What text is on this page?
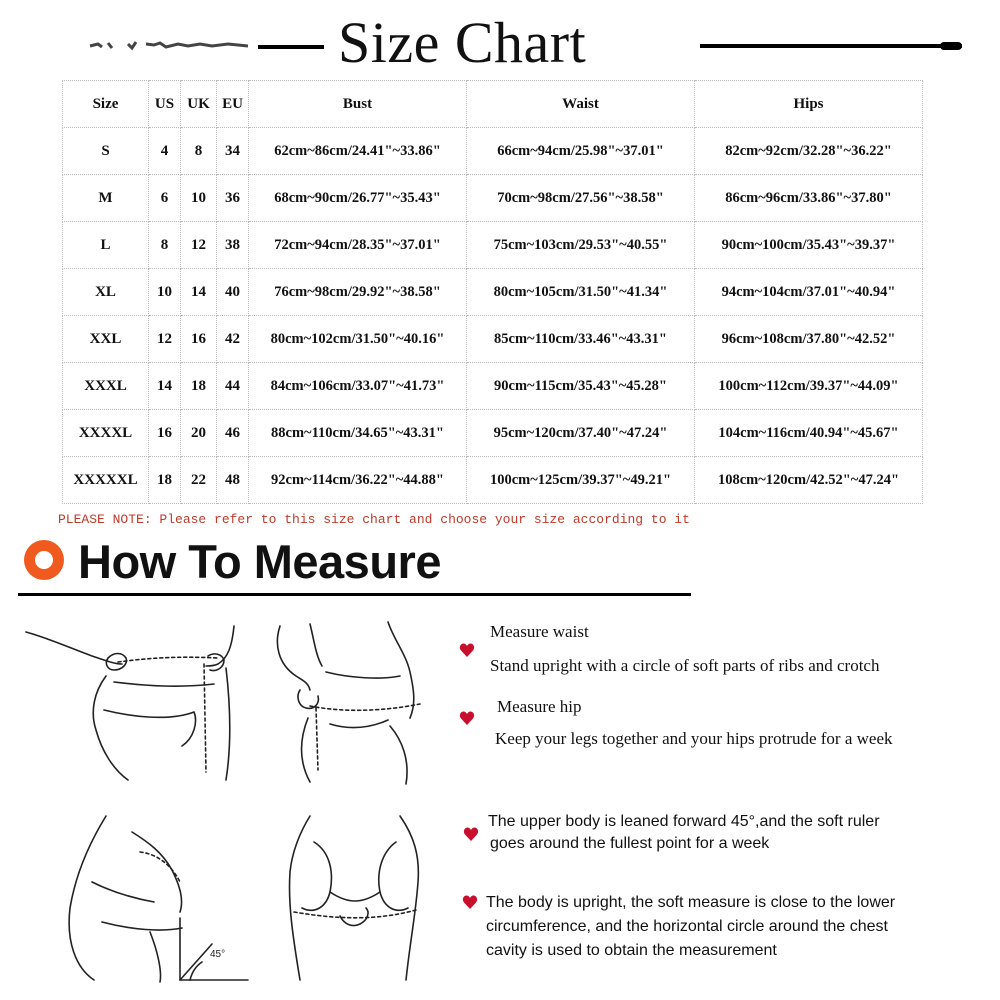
Size Chart
Size	US	UK	EU	Bust	Waist	Hips
S	4	8	34	62cm~86cm/24.41"~33.86"	66cm~94cm/25.98"~37.01"	82cm~92cm/32.28"~36.22"
M	6	10	36	68cm~90cm/26.77"~35.43"	70cm~98cm/27.56"~38.58"	86cm~96cm/33.86"~37.80"
L	8	12	38	72cm~94cm/28.35"~37.01"	75cm~103cm/29.53"~40.55"	90cm~100cm/35.43"~39.37"
XL	10	14	40	76cm~98cm/29.92"~38.58"	80cm~105cm/31.50"~41.34"	94cm~104cm/37.01"~40.94"
XXL	12	16	42	80cm~102cm/31.50"~40.16"	85cm~110cm/33.46"~43.31"	96cm~108cm/37.80"~42.52"
XXXL	14	18	44	84cm~106cm/33.07"~41.73"	90cm~115cm/35.43"~45.28"	100cm~112cm/39.37"~44.09"
XXXXL	16	20	46	88cm~110cm/34.65"~43.31"	95cm~120cm/37.40"~47.24"	104cm~116cm/40.94"~45.67"
XXXXXL	18	22	48	92cm~114cm/36.22"~44.88"	100cm~125cm/39.37"~49.21"	108cm~120cm/42.52"~47.24"
PLEASE NOTE: Please refer to this size chart and choose your size according to it
How To Measure
45°
Measure waist
Stand upright with a circle of soft parts of ribs and crotch
Measure hip
Keep your legs together and your hips protrude for a week
The upper body is leaned forward 45°,and the soft ruler
goes around the fullest point for a week
The body is upright, the soft measure is close to the lower
circumference, and the horizontal circle around the chest
cavity is used to obtain the measurement
